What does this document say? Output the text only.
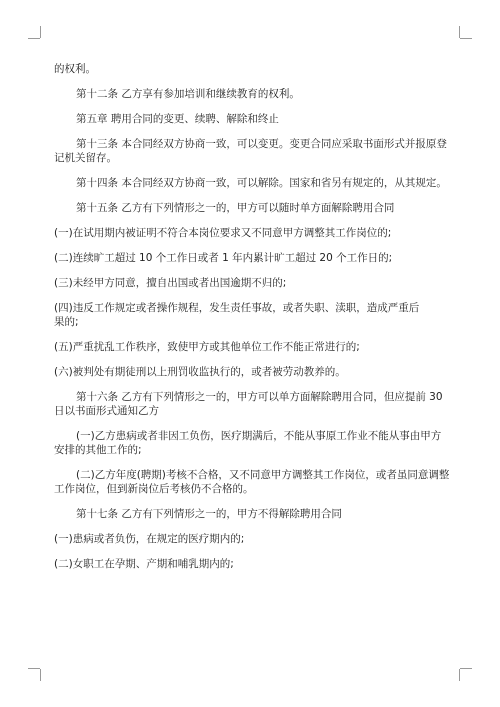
的权利。

第十二条 乙方享有参加培训和继续教育的权利。

第五章 聘用合同的变更、续聘、解除和终止

第十三条 本合同经双方协商一致，可以变更。变更合同应采取书面形式并报原登

记机关留存。

第十四条 本合同经双方协商一致，可以解除。国家和省另有规定的，从其规定。

第十五条 乙方有下列情形之一的，甲方可以随时单方面解除聘用合同

(一)在试用期内被证明不符合本岗位要求又不同意甲方调整其工作岗位的;

(二)连续旷工超过 10 个工作日或者 1 年内累计旷工超过 20 个工作日的;

(三)未经甲方同意，擅自出国或者出国逾期不归的;

(四)违反工作规定或者操作规程，发生责任事故，或者失职、渎职，造成严重后

果的;

(五)严重扰乱工作秩序，致使甲方或其他单位工作不能正常进行的;

(六)被判处有期徒刑以上刑罚收监执行的，或者被劳动教养的。

第十六条 乙方有下列情形之一的，甲方可以单方面解除聘用合同，但应提前 30

日以书面形式通知乙方

(一)乙方患病或者非因工负伤，医疗期满后，不能从事原工作业不能从事由甲方

安排的其他工作的;

(二)乙方年度(聘期)考核不合格，又不同意甲方调整其工作岗位，或者虽同意调整

工作岗位，但到新岗位后考核仍不合格的。

第十七条 乙方有下列情形之一的，甲方不得解除聘用合同

(一)患病或者负伤，在规定的医疗期内的;

(二)女职工在孕期、产期和哺乳期内的;
